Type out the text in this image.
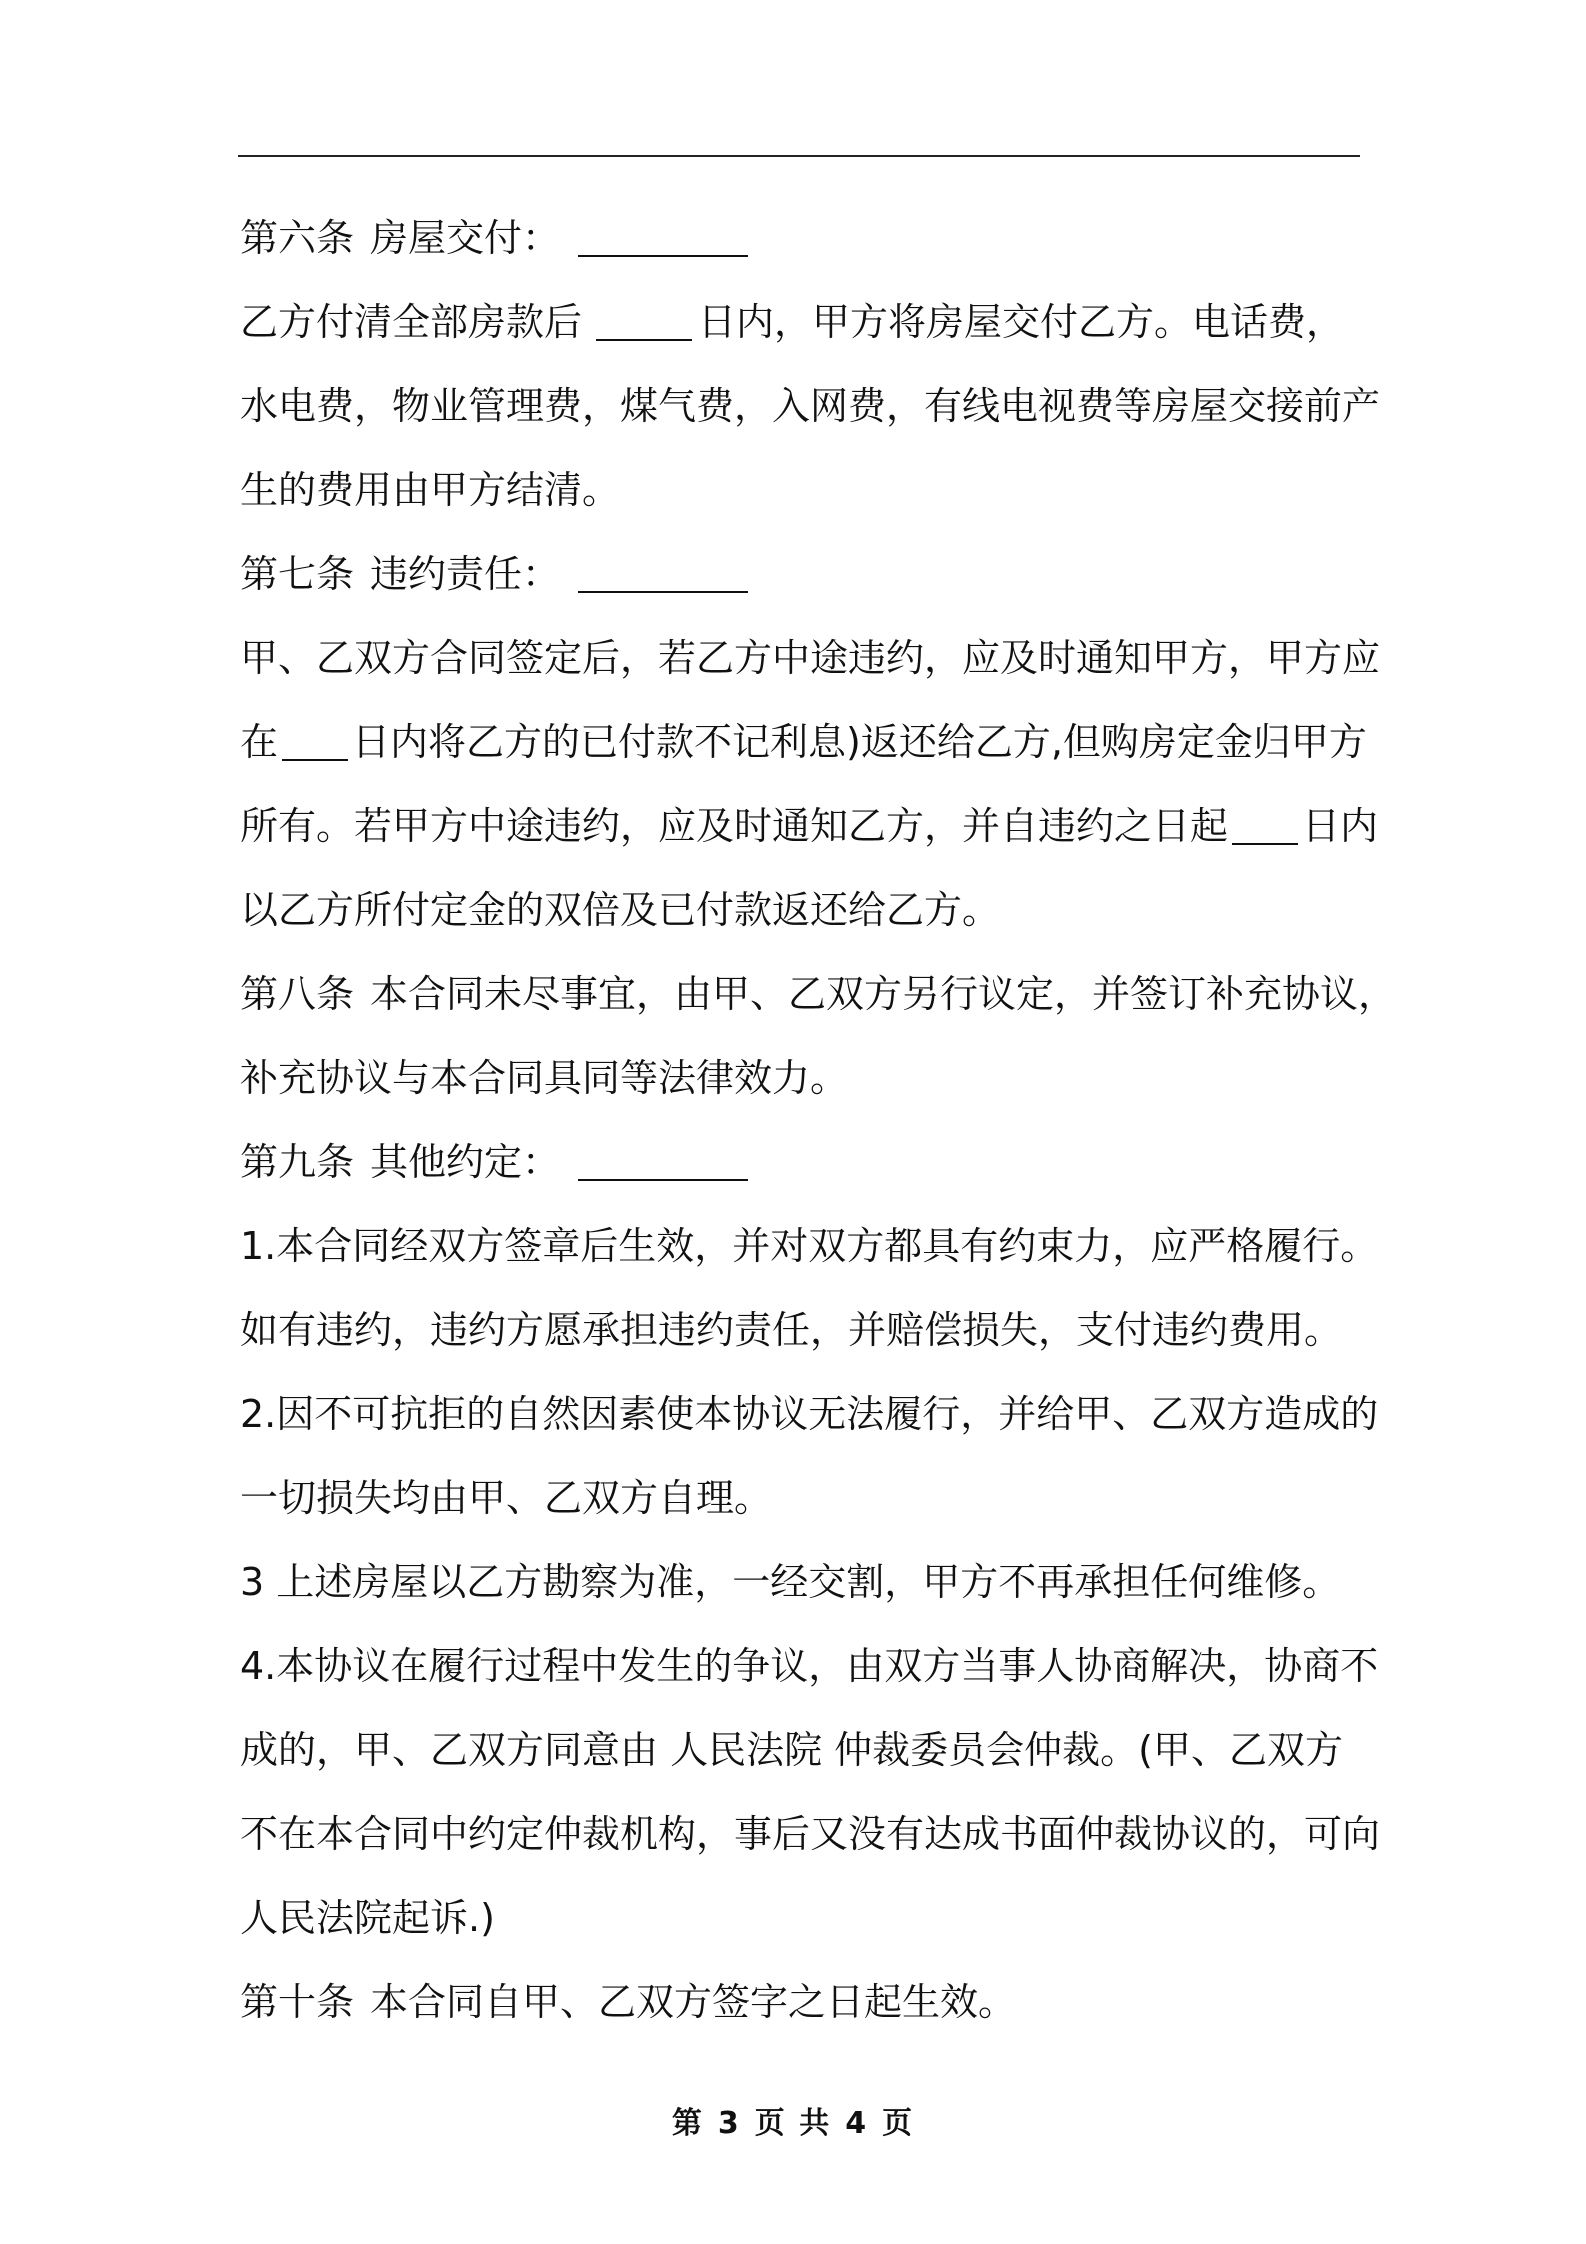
第六条 房屋交付：
乙方付清全部房款后	日内，甲方将房屋交付乙方。电话费，
水电费，物业管理费，煤气费，入网费，有线电视费等房屋交接前产
生的费用由甲方结清。
第七条 违约责任：
甲、乙双方合同签定后，若乙方中途违约，应及时通知甲方，甲方应
在 日内将乙方的已付款不记利息)返还给乙方,但购房定金归甲方
所有。若甲方中途违约，应及时通知乙方，并自违约之日起 日内
以乙方所付定金的双倍及已付款返还给乙方。
第八条 本合同未尽事宜，由甲、乙双方另行议定，并签订补充协议，
补充协议与本合同具同等法律效力。
第九条 其他约定：
1.本合同经双方签章后生效，并对双方都具有约束力，应严格履行。
如有违约，违约方愿承担违约责任，并赔偿损失，支付违约费用。
2.因不可抗拒的自然因素使本协议无法履行，并给甲、乙双方造成的
一切损失均由甲、乙双方自理。
3 上述房屋以乙方勘察为准，一经交割，甲方不再承担任何维修。
4.本协议在履行过程中发生的争议，由双方当事人协商解决，协商不
成的，甲、乙双方同意由 人民法院 仲裁委员会仲裁。(甲、乙双方
不在本合同中约定仲裁机构，事后又没有达成书面仲裁协议的，可向
人民法院起诉.)
第十条 本合同自甲、乙双方签字之日起生效。
第 3 页 共 4 页
